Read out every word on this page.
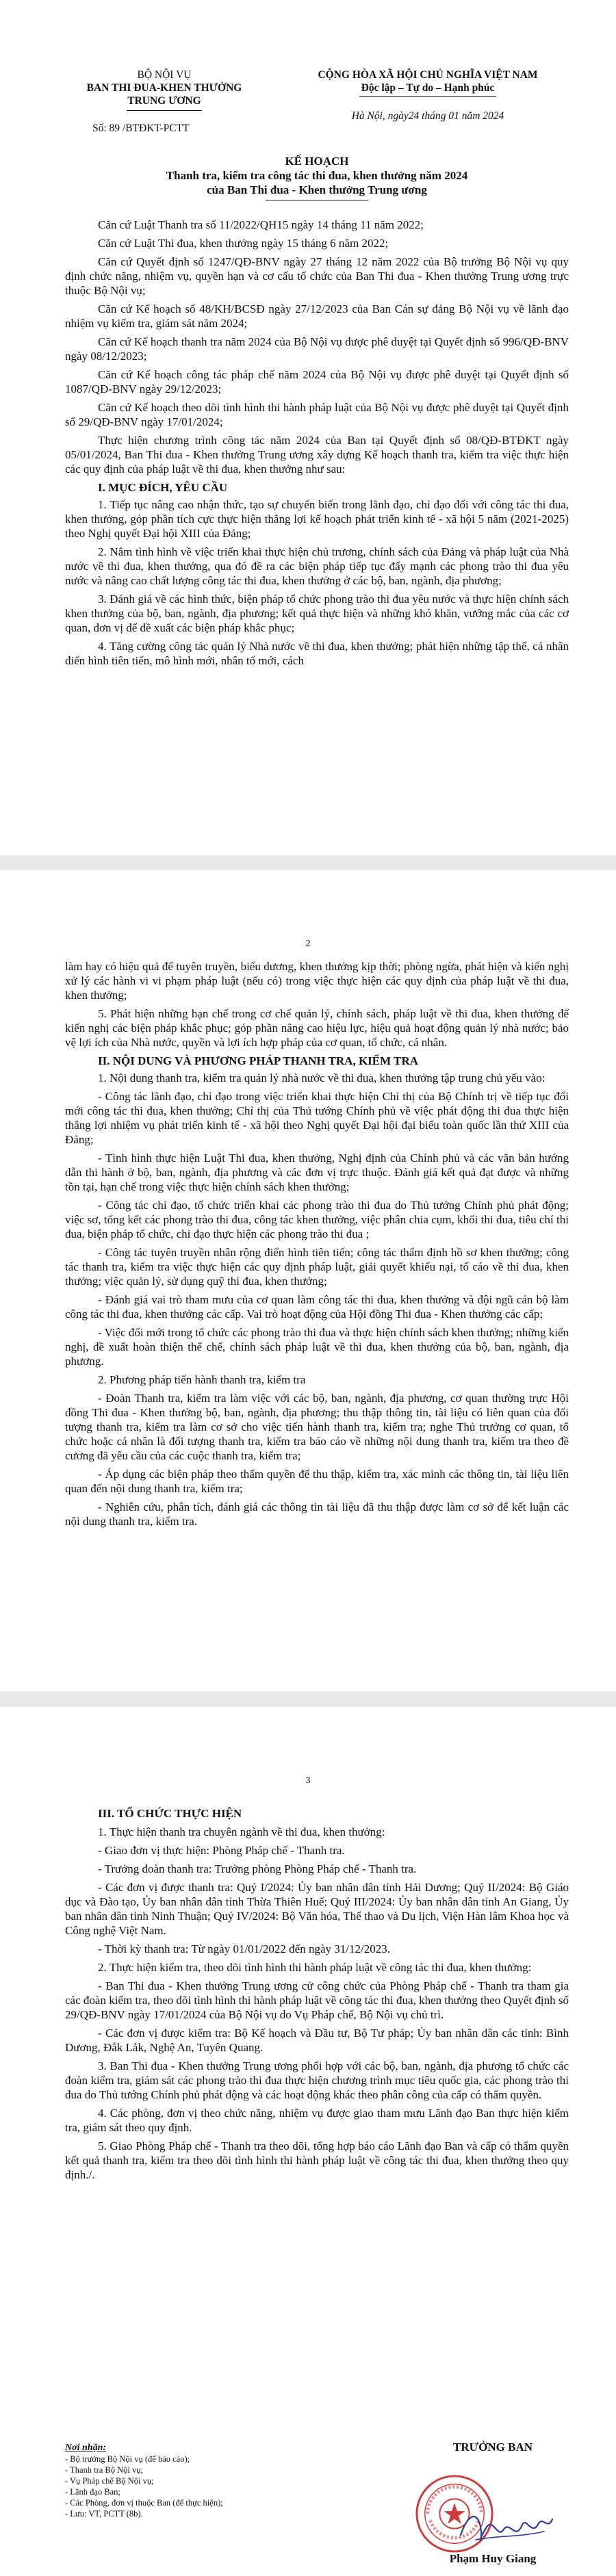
BỘ NỘI VỤ
BAN THI ĐUA-KHEN THƯỞNG
TRUNG ƯƠNG
Số: 89 /BTĐKT-PCTT
CỘNG HÒA XÃ HỘI CHỦ NGHĨA VIỆT NAM
Độc lập – Tự do – Hạnh phúc
Hà Nội, ngày24 tháng 01 năm 2024
KẾ HOẠCH
Thanh tra, kiểm tra công tác thi đua, khen thưởng năm 2024
của Ban Thi đua - Khen thưởng Trung ương

Căn cứ Luật Thanh tra số 11/2022/QH15 ngày 14 tháng 11 năm 2022;

Căn cứ Luật Thi đua, khen thưởng ngày 15 tháng 6 năm 2022;

Căn cứ Quyết định số 1247/QĐ-BNV ngày 27 tháng 12 năm 2022 của Bộ trưởng Bộ Nội vụ quy định chức năng, nhiệm vụ, quyền hạn và cơ cấu tổ chức của Ban Thi đua - Khen thưởng Trung ương trực thuộc Bộ Nội vụ;

Căn cứ Kế hoạch số 48/KH/BCSĐ ngày 27/12/2023 của Ban Cán sự đảng Bộ Nội vụ về lãnh đạo nhiệm vụ kiểm tra, giám sát năm 2024;

Căn cứ Kế hoạch thanh tra năm 2024 của Bộ Nội vụ được phê duyệt tại Quyết định số 996/QĐ-BNV ngày 08/12/2023;

Căn cứ Kế hoạch công tác pháp chế năm 2024 của Bộ Nội vụ được phê duyệt tại Quyết định số 1087/QĐ-BNV ngày 29/12/2023;

Căn cứ Kế hoạch theo dõi tình hình thi hành pháp luật của Bộ Nội vụ được phê duyệt tại Quyết định số 29/QĐ-BNV ngày 17/01/2024;

Thực hiện chương trình công tác năm 2024 của Ban tại Quyết định số 08/QĐ-BTĐKT ngày 05/01/2024, Ban Thi đua - Khen thưởng Trung ương xây dựng Kế hoạch thanh tra, kiểm tra việc thực hiện các quy định của pháp luật về thi đua, khen thưởng như sau:

I. MỤC ĐÍCH, YÊU CẦU

1. Tiếp tục nâng cao nhận thức, tạo sự chuyển biến trong lãnh đạo, chỉ đạo đối với công tác thi đua, khen thưởng, góp phần tích cực thực hiện thắng lợi kế hoạch phát triển kinh tế - xã hội 5 năm (2021-2025) theo Nghị quyết Đại hội XIII của Đảng;

2. Nắm tình hình về việc triển khai thực hiện chủ trương, chính sách của Đảng và pháp luật của Nhà nước về thi đua, khen thưởng, qua đó đề ra các biện pháp tiếp tục đẩy mạnh các phong trào thi đua yêu nước và nâng cao chất lượng công tác thi đua, khen thưởng ở các bộ, ban, ngành, địa phương;

3. Đánh giá về các hình thức, biện pháp tổ chức phong trào thi đua yêu nước và thực hiện chính sách khen thưởng của bộ, ban, ngành, địa phương; kết quả thực hiện và những khó khăn, vướng mắc của các cơ quan, đơn vị để đề xuất các biện pháp khắc phục;

4. Tăng cường công tác quản lý Nhà nước về thi đua, khen thưởng; phát hiện những tập thể, cá nhân điển hình tiên tiến, mô hình mới, nhân tố mới, cách

2

làm hay có hiệu quả để tuyên truyền, biểu dương, khen thưởng kịp thời; phòng ngừa, phát hiện và kiến nghị xử lý các hành vi vi phạm pháp luật (nếu có) trong việc thực hiện các quy định của pháp luật về thi đua, khen thưởng;

5. Phát hiện những hạn chế trong cơ chế quản lý, chính sách, pháp luật về thi đua, khen thưởng để kiến nghị các biện pháp khắc phục; góp phần nâng cao hiệu lực, hiệu quả hoạt động quản lý nhà nước; bảo vệ lợi ích của Nhà nước, quyền và lợi ích hợp pháp của cơ quan, tổ chức, cá nhân.

II. NỘI DUNG VÀ PHƯƠNG PHÁP THANH TRA, KIỂM TRA

1. Nội dung thanh tra, kiểm tra quản lý nhà nước về thi đua, khen thưởng tập trung chủ yếu vào:

- Công tác lãnh đạo, chỉ đạo trong việc triển khai thực hiện Chỉ thị của Bộ Chính trị về tiếp tục đổi mới công tác thi đua, khen thưởng; Chỉ thị của Thủ tướng Chính phủ về việc phát động thi đua thực hiện thắng lợi nhiệm vụ phát triển kinh tế - xã hội theo Nghị quyết Đại hội đại biểu toàn quốc lần thứ XIII của Đảng;

- Tình hình thực hiện Luật Thi đua, khen thưởng, Nghị định của Chính phủ và các văn bản hướng dẫn thi hành ở bộ, ban, ngành, địa phương và các đơn vị trực thuộc. Đánh giá kết quả đạt được và những tồn tại, hạn chế trong việc thực hiện chính sách khen thưởng;

- Công tác chỉ đạo, tổ chức triển khai các phong trào thi đua do Thủ tướng Chính phủ phát động; việc sơ, tổng kết các phong trào thi đua, công tác khen thưởng, việc phân chia cụm, khối thi đua, tiêu chí thi đua, biện pháp tổ chức, chỉ đạo thực hiện các phong trào thi đua ;

- Công tác tuyên truyền nhân rộng điển hình tiên tiến; công tác thẩm định hồ sơ khen thưởng; công tác thanh tra, kiểm tra việc thực hiện các quy định pháp luật, giải quyết khiếu nại, tố cáo về thi đua, khen thưởng; việc quản lý, sử dụng quỹ thi đua, khen thưởng;

- Đánh giá vai trò tham mưu của cơ quan làm công tác thi đua, khen thưởng và đội ngũ cán bộ làm công tác thi đua, khen thưởng các cấp. Vai trò hoạt động của Hội đồng Thi đua - Khen thưởng các cấp;

- Việc đổi mới trong tổ chức các phong trào thi đua và thực hiện chính sách khen thưởng; những kiến nghị, đề xuất hoàn thiện thể chế, chính sách pháp luật về thi đua, khen thưởng của bộ, ban, ngành, địa phương.

2. Phương pháp tiến hành thanh tra, kiểm tra

- Đoàn Thanh tra, kiểm tra làm việc với các bộ, ban, ngành, địa phương, cơ quan thường trực Hội đồng Thi đua - Khen thưởng bộ, ban, ngành, địa phương; thu thập thông tin, tài liệu có liên quan của đối tượng thanh tra, kiểm tra làm cơ sở cho việc tiến hành thanh tra, kiểm tra; nghe Thủ trưởng cơ quan, tổ chức hoặc cá nhân là đối tượng thanh tra, kiểm tra báo cáo về những nội dung thanh tra, kiểm tra theo đề cương đã yêu cầu của các cuộc thanh tra, kiểm tra;

- Áp dụng các biện pháp theo thẩm quyền để thu thập, kiểm tra, xác minh các thông tin, tài liệu liên quan đến nội dung thanh tra, kiểm tra;

- Nghiên cứu, phân tích, đánh giá các thông tin tài liệu đã thu thập được làm cơ sở để kết luận các nội dung thanh tra, kiểm tra.

3
III. TỔ CHỨC THỰC HIỆN

1. Thực hiện thanh tra chuyên ngành về thi đua, khen thưởng:

- Giao đơn vị thực hiện: Phòng Pháp chế - Thanh tra.

- Trưởng đoàn thanh tra: Trưởng phòng Phòng Pháp chế - Thanh tra.

- Các đơn vị được thanh tra: Quý I/2024: Ủy ban nhân dân tỉnh Hải Dương; Quý II/2024: Bộ Giáo dục và Đào tạo, Ủy ban nhân dân tỉnh Thừa Thiên Huế; Quý III/2024: Ủy ban nhân dân tỉnh An Giang, Ủy ban nhân dân tỉnh Ninh Thuận; Quý IV/2024: Bộ Văn hóa, Thể thao và Du lịch, Viện Hàn lâm Khoa học và Công nghệ Việt Nam.

- Thời kỳ thanh tra: Từ ngày 01/01/2022 đến ngày 31/12/2023.

2. Thực hiện kiểm tra, theo dõi tình hình thi hành pháp luật về công tác thi đua, khen thưởng:

- Ban Thi đua - Khen thưởng Trung ương cử công chức của Phòng Pháp chế - Thanh tra tham gia các đoàn kiểm tra, theo dõi tình hình thi hành pháp luật về công tác thi đua, khen thưởng theo Quyết định số 29/QĐ-BNV ngày 17/01/2024 của Bộ Nội vụ do Vụ Pháp chế, Bộ Nội vụ chủ trì.

- Các đơn vị được kiểm tra: Bộ Kế hoạch và Đầu tư, Bộ Tư pháp; Ủy ban nhân dân các tỉnh: Bình Dương, Đắk Lắk, Nghệ An, Tuyên Quang.

3. Ban Thi đua - Khen thưởng Trung ương phối hợp với các bộ, ban, ngành, địa phương tổ chức các đoàn kiểm tra, giám sát các phong trào thi đua thực hiện chương trình mục tiêu quốc gia, các phong trào thi đua do Thủ tướng Chính phủ phát động và các hoạt động khác theo phân công của cấp có thẩm quyền.

4. Các phòng, đơn vị theo chức năng, nhiệm vụ được giao tham mưu Lãnh đạo Ban thực hiện kiểm tra, giám sát theo quy định.

5. Giao Phòng Pháp chế - Thanh tra theo dõi, tổng hợp báo cáo Lãnh đạo Ban và cấp có thẩm quyền kết quả thanh tra, kiểm tra theo dõi tình hình thi hành pháp luật về công tác thi đua, khen thưởng theo quy định./.

Nơi nhận:
- Bộ trưởng Bộ Nội vụ (để báo cáo);
- Thanh tra Bộ Nội vụ;
- Vụ Pháp chế Bộ Nội vụ;
- Lãnh đạo Ban;
- Các Phòng, đơn vị thuộc Ban (để thực hiện);
- Lưu: VT, PCTT (8b).
TRƯỞNG BAN
Phạm Huy Giang
